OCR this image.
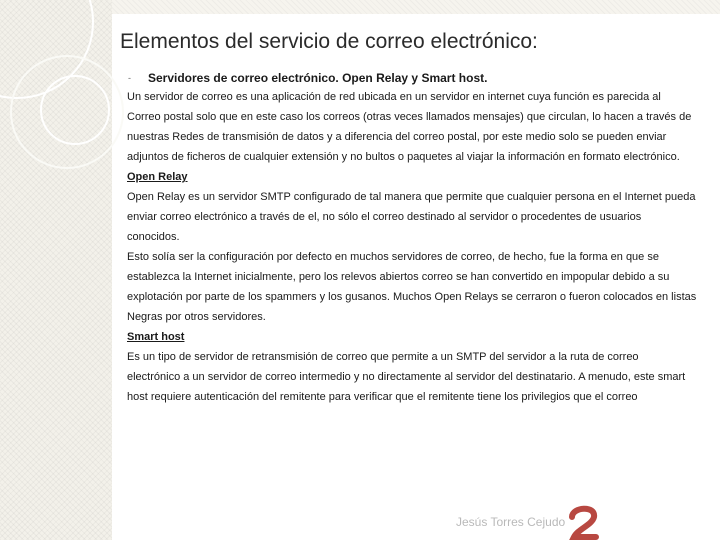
Elementos del servicio de correo electrónico:
- Servidores de correo electrónico. Open Relay y Smart host.

Un servidor de correo es una aplicación de red ubicada en un servidor en internet cuya función es parecida al

Correo postal solo que en este caso los correos (otras veces llamados mensajes) que circulan, lo hacen a través de

nuestras Redes de transmisión de datos y a diferencia del correo postal, por este medio solo se pueden enviar

adjuntos de ficheros de cualquier extensión y no bultos o paquetes al viajar la información en formato electrónico.

Open Relay

Open Relay es un servidor SMTP configurado de tal manera que permite que cualquier persona en el Internet pueda

enviar correo electrónico a través de el, no sólo el correo destinado al servidor o procedentes de usuarios

conocidos.

Esto solía ser la configuración por defecto en muchos servidores de correo, de hecho, fue la forma en que se

establezca la Internet inicialmente, pero los relevos abiertos correo se han convertido en impopular debido a su

explotación por parte de los spammers y los gusanos. Muchos Open Relays se cerraron o fueron colocados en listas

Negras por otros servidores.

Smart host

Es un tipo de servidor de retransmisión de correo que permite a un SMTP del servidor a la ruta de correo

electrónico a un servidor de correo intermedio y no directamente al servidor del destinatario. A menudo, este smart

host requiere autenticación del remitente para verificar que el remitente tiene los privilegios que el correo

Jesús Torres Cejudo
